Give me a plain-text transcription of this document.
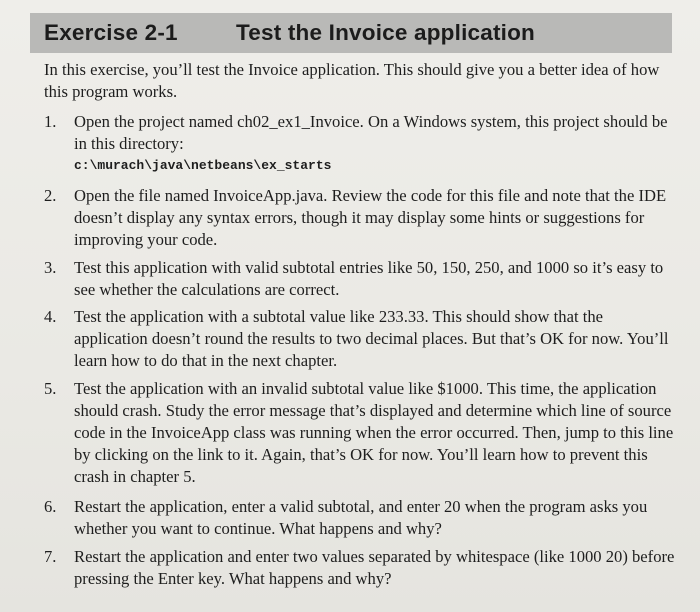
Exercise 2-1	Test the Invoice application
In this exercise, you’ll test the Invoice application. This should give you a better idea of how this program works.
1.	Open the project named ch02_ex1_Invoice. On a Windows system, this project should be in this directory:
c:\murach\java\netbeans\ex_starts
2.	Open the file named InvoiceApp.java. Review the code for this file and note that the IDE doesn’t display any syntax errors, though it may display some hints or suggestions for improving your code.
3.	Test this application with valid subtotal entries like 50, 150, 250, and 1000 so it’s easy to see whether the calculations are correct.
4.	Test the application with a subtotal value like 233.33. This should show that the application doesn’t round the results to two decimal places. But that’s OK for now. You’ll learn how to do that in the next chapter.
5.	Test the application with an invalid subtotal value like $1000. This time, the application should crash. Study the error message that’s displayed and determine which line of source code in the InvoiceApp class was running when the error occurred. Then, jump to this line by clicking on the link to it. Again, that’s OK for now. You’ll learn how to prevent this crash in chapter 5.
6.	Restart the application, enter a valid subtotal, and enter 20 when the program asks you whether you want to continue. What happens and why?
7.	Restart the application and enter two values separated by whitespace (like 1000 20) before pressing the Enter key. What happens and why?
